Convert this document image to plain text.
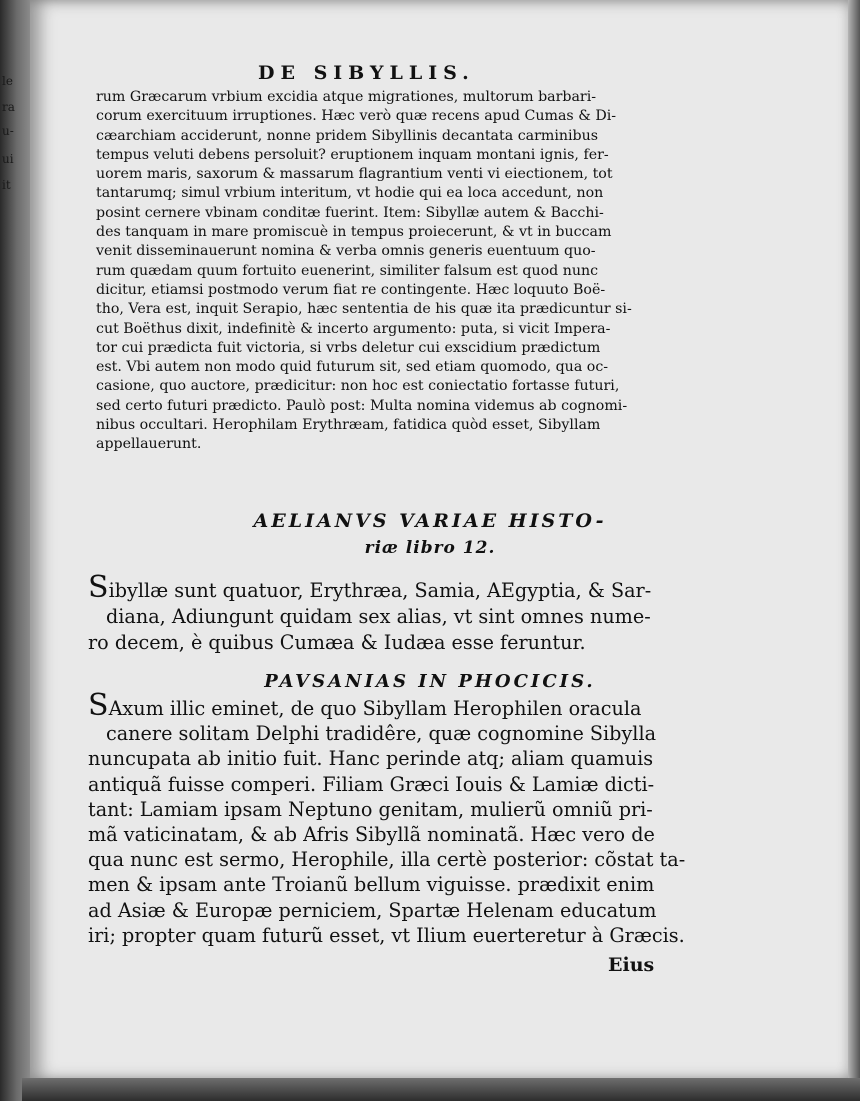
le
ra
u-
ui
it
DE SIBYLLIS.
rum Græcarum vrbium excidia atque migrationes, multorum barbari-
corum exercituum irruptiones. Hæc verò quæ recens apud Cumas & Di-
cæarchiam acciderunt, nonne pridem Sibyllinis decantata carminibus
tempus veluti debens persoluit? eruptionem inquam montani ignis, fer-
uorem maris, saxorum & massarum flagrantium venti vi eiectionem, tot
tantarumq; simul vrbium interitum, vt hodie qui ea loca accedunt, non
posint cernere vbinam conditæ fuerint. Item: Sibyllæ autem & Bacchi-
des tanquam in mare promiscuè in tempus proiecerunt, & vt in buccam
venit disseminauerunt nomina & verba omnis generis euentuum quo-
rum quædam quum fortuito euenerint, similiter falsum est quod nunc
dicitur, etiamsi postmodo verum fiat re contingente. Hæc loquuto Boë-
tho, Vera est, inquit Serapio, hæc sententia de his quæ ita prædicuntur si-
cut Boëthus dixit, indefinitè & incerto argumento: puta, si vicit Impera-
tor cui prædicta fuit victoria, si vrbs deletur cui exscidium prædictum
est. Vbi autem non modo quid futurum sit, sed etiam quomodo, qua oc-
casione, quo auctore, prædicitur: non hoc est coniectatio fortasse futuri,
sed certo futuri prædicto. Paulò post: Multa nomina videmus ab cognomi-
nibus occultari. Herophilam Erythræam, fatidica quòd esset, Sibyllam
appellauerunt.
AELIANVS VARIAE HISTO-
riæ libro 12.
Sibyllæ sunt quatuor, Erythræa, Samia, AEgyptia, & Sar-
diana, Adiungunt quidam sex alias, vt sint omnes nume-
ro decem, è quibus Cumæa & Iudæa esse feruntur.
PAVSANIAS IN PHOCICIS.
SAxum illic eminet, de quo Sibyllam Herophilen oracula
canere solitam Delphi tradidêre, quæ cognomine Sibylla
nuncupata ab initio fuit. Hanc perinde atq; aliam quamuis
antiquã fuisse comperi. Filiam Græci Iouis & Lamiæ dicti-
tant: Lamiam ipsam Neptuno genitam, mulierũ omniũ pri-
mã vaticinatam, & ab Afris Sibyllã nominatã. Hæc vero de
qua nunc est sermo, Herophile, illa certè posterior: cõstat ta-
men & ipsam ante Troianũ bellum viguisse. prædixit enim
ad Asiæ & Europæ perniciem, Spartæ Helenam educatum
iri; propter quam futurũ esset, vt Ilium euerteretur à Græcis.
Eius
